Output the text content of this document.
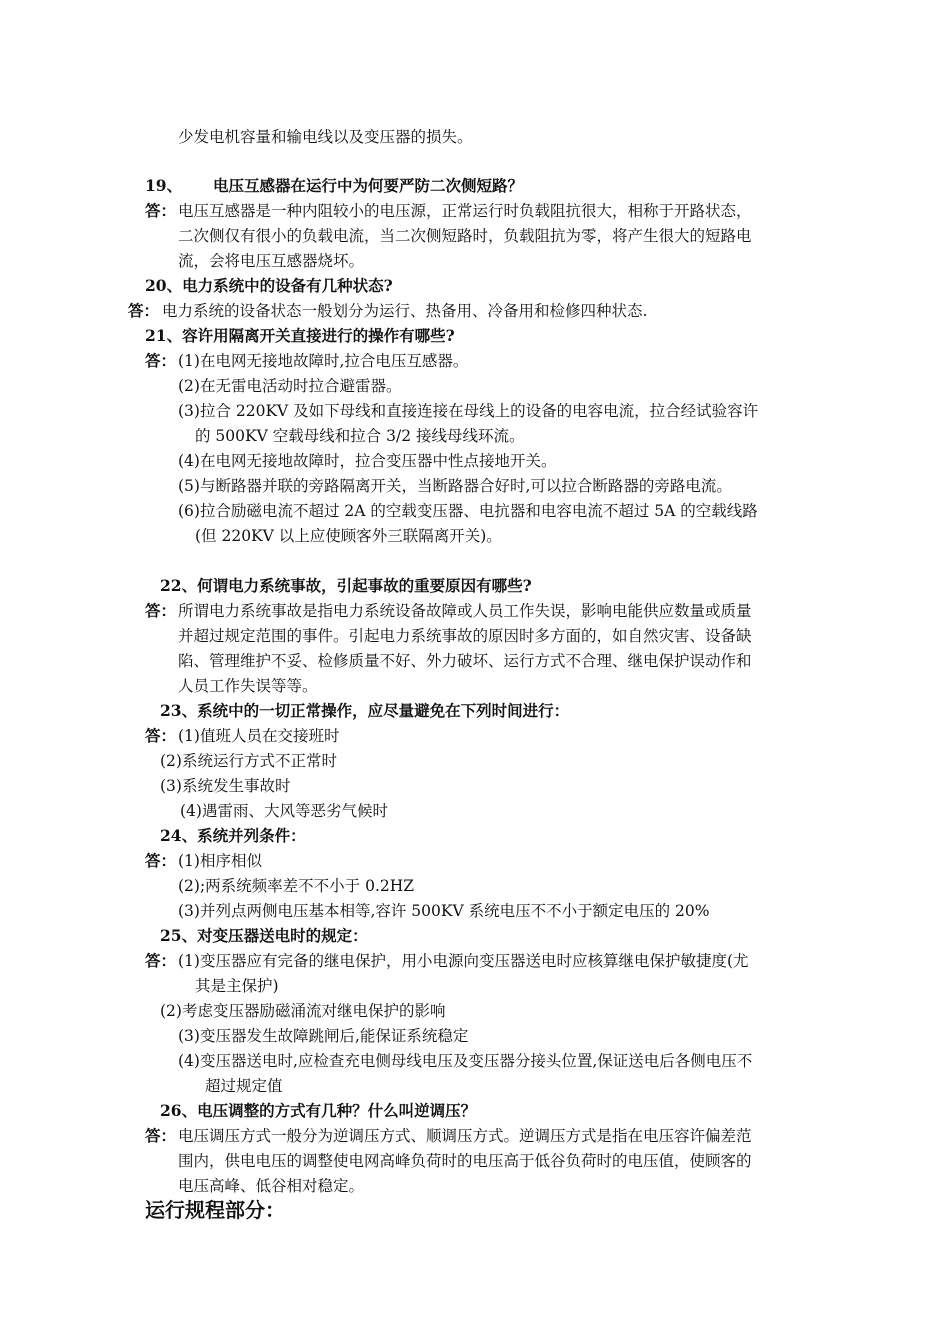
少发电机容量和输电线以及变压器的损失。
19、 电压互感器在运行中为何要严防二次侧短路？
答： 电压互感器是一种内阻较小的电压源，正常运行时负载阻抗很大，相称于开路状态，
二次侧仅有很小的负载电流，当二次侧短路时，负载阻抗为零，将产生很大的短路电
流，会将电压互感器烧坏。
20、电力系统中的设备有几种状态?
答： 电力系统的设备状态一般划分为运行、热备用、冷备用和检修四种状态.
21、容许用隔离开关直接进行的操作有哪些?
答： (1)在电网无接地故障时,拉合电压互感器。
(2)在无雷电活动时拉合避雷器。
(3)拉合 220KV 及如下母线和直接连接在母线上的设备的电容电流，拉合经试验容许
的 500KV 空载母线和拉合 3/2 接线母线环流。
(4)在电网无接地故障时，拉合变压器中性点接地开关。
(5)与断路器并联的旁路隔离开关，当断路器合好时,可以拉合断路器的旁路电流。
(6)拉合励磁电流不超过 2A 的空载变压器、电抗器和电容电流不超过 5A 的空载线路
(但 220KV 以上应使顾客外三联隔离开关)。
22、何谓电力系统事故，引起事故的重要原因有哪些?
答： 所谓电力系统事故是指电力系统设备故障或人员工作失误，影响电能供应数量或质量
并超过规定范围的事件。引起电力系统事故的原因时多方面的，如自然灾害、设备缺
陷、管理维护不妥、检修质量不好、外力破坏、运行方式不合理、继电保护误动作和
人员工作失误等等。
23、系统中的一切正常操作，应尽量避免在下列时间进行：
答： (1)值班人员在交接班时
(2)系统运行方式不正常时
(3)系统发生事故时
(4)遇雷雨、大风等恶劣气候时
24、系统并列条件：
答： (1)相序相似
(2);两系统频率差不不小于 0.2HZ
(3)并列点两侧电压基本相等,容许 500KV 系统电压不不小于额定电压的 20%
25、对变压器送电时的规定：
答： (1)变压器应有完备的继电保护，用小电源向变压器送电时应核算继电保护敏捷度(尤
其是主保护)
(2)考虑变压器励磁涌流对继电保护的影响
(3)变压器发生故障跳闸后,能保证系统稳定
(4)变压器送电时,应检查充电侧母线电压及变压器分接头位置,保证送电后各侧电压不
超过规定值
26、电压调整的方式有几种？什么叫逆调压？
答： 电压调压方式一般分为逆调压方式、顺调压方式。逆调压方式是指在电压容许偏差范
围内，供电电压的调整使电网高峰负荷时的电压高于低谷负荷时的电压值，使顾客的
电压高峰、低谷相对稳定。
运行规程部分：
